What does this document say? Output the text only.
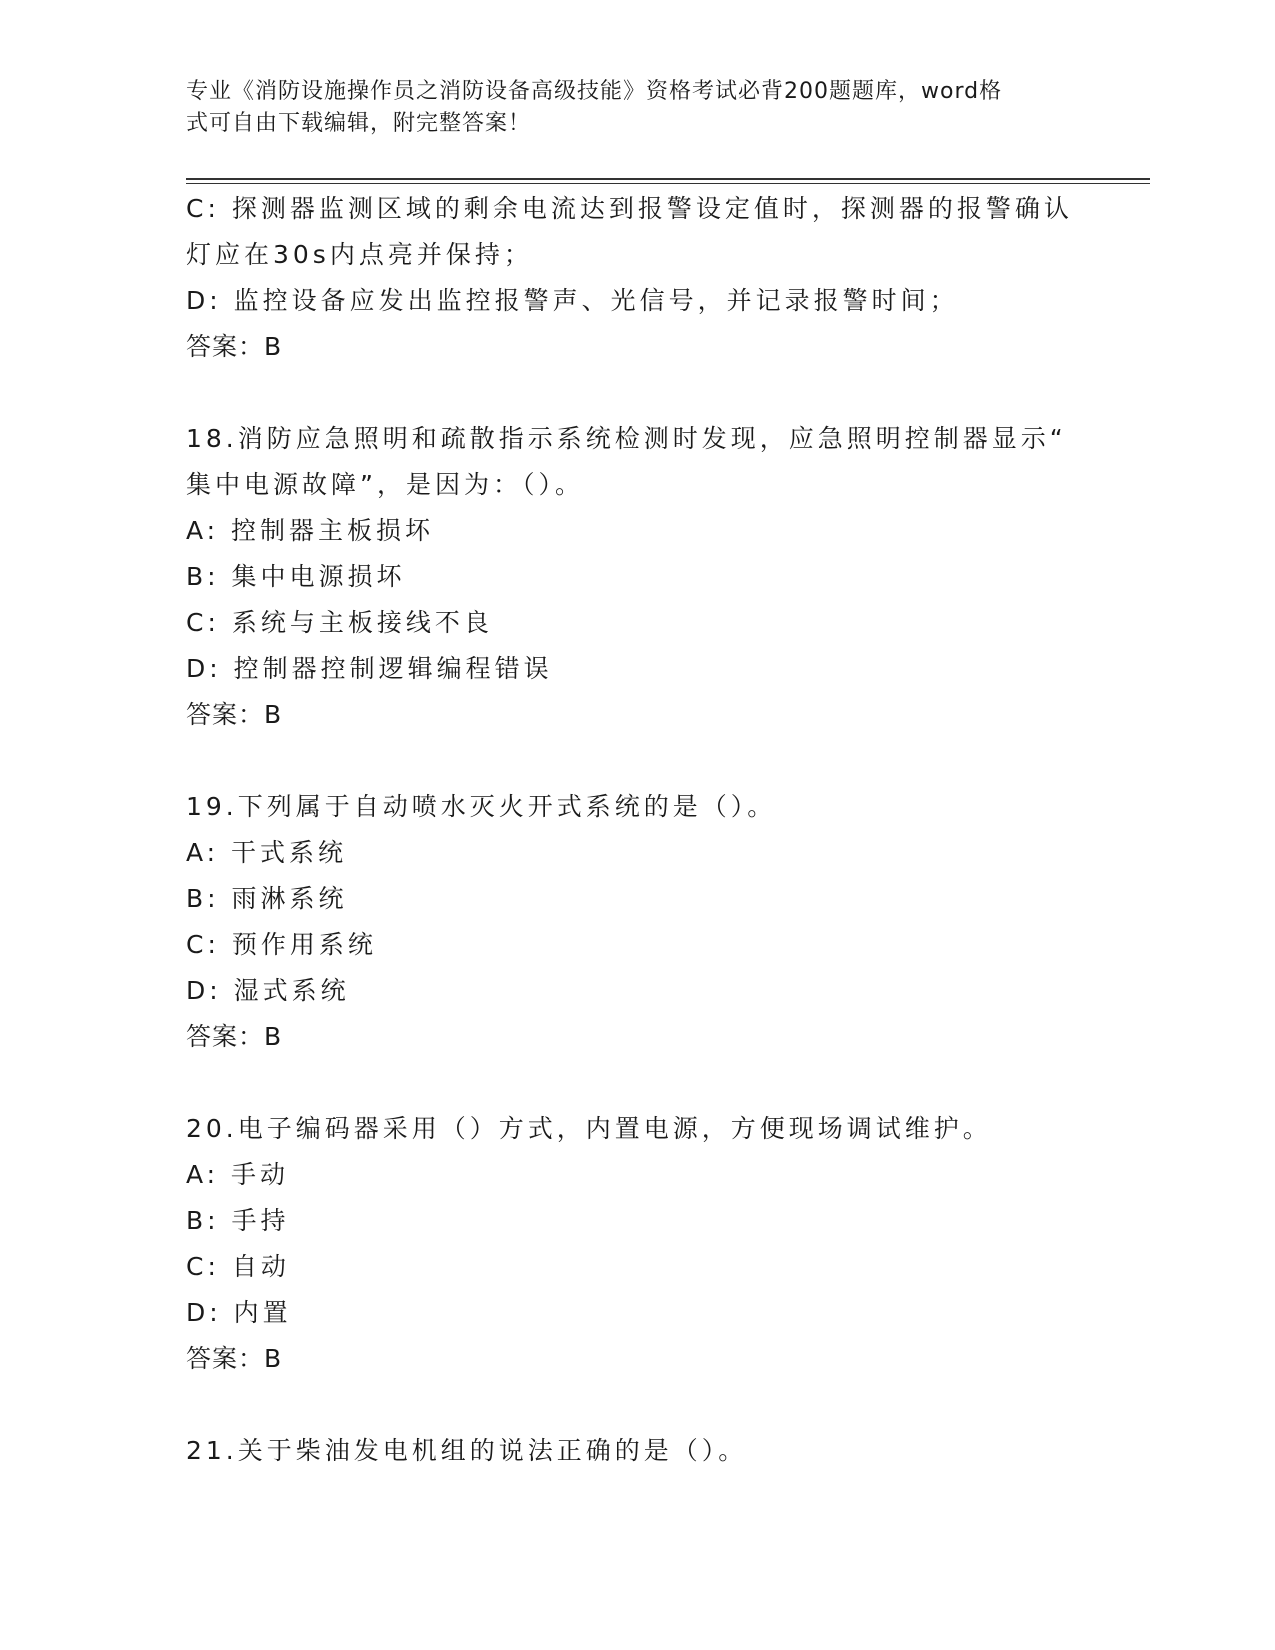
专业《消防设施操作员之消防设备高级技能》资格考试必背200题题库，word格

式可自由下载编辑，附完整答案！

C: 探测器监测区域的剩余电流达到报警设定值时，探测器的报警确认
灯应在30s内点亮并保持；
D: 监控设备应发出监控报警声、光信号，并记录报警时间；
答案：B
18.消防应急照明和疏散指示系统检测时发现，应急照明控制器显示“
集中电源故障”，是因为：（）。
A: 控制器主板损坏
B: 集中电源损坏
C: 系统与主板接线不良
D: 控制器控制逻辑编程错误
答案：B
19.下列属于自动喷水灭火开式系统的是（）。
A: 干式系统
B: 雨淋系统
C: 预作用系统
D: 湿式系统
答案：B
20.电子编码器采用（）方式，内置电源，方便现场调试维护。
A: 手动
B: 手持
C: 自动
D: 内置
答案：B
21.关于柴油发电机组的说法正确的是（）。
